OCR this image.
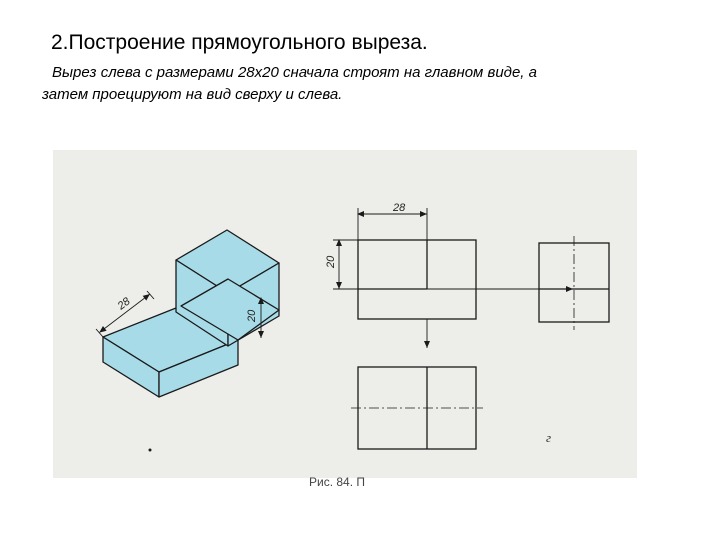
2.Построение прямоугольного выреза.
Вырез слева с размерами 28х20 сначала строят на главном виде, а
затем проецируют на вид сверху и слева.
28
20
28
20
г
Рис. 84. П
